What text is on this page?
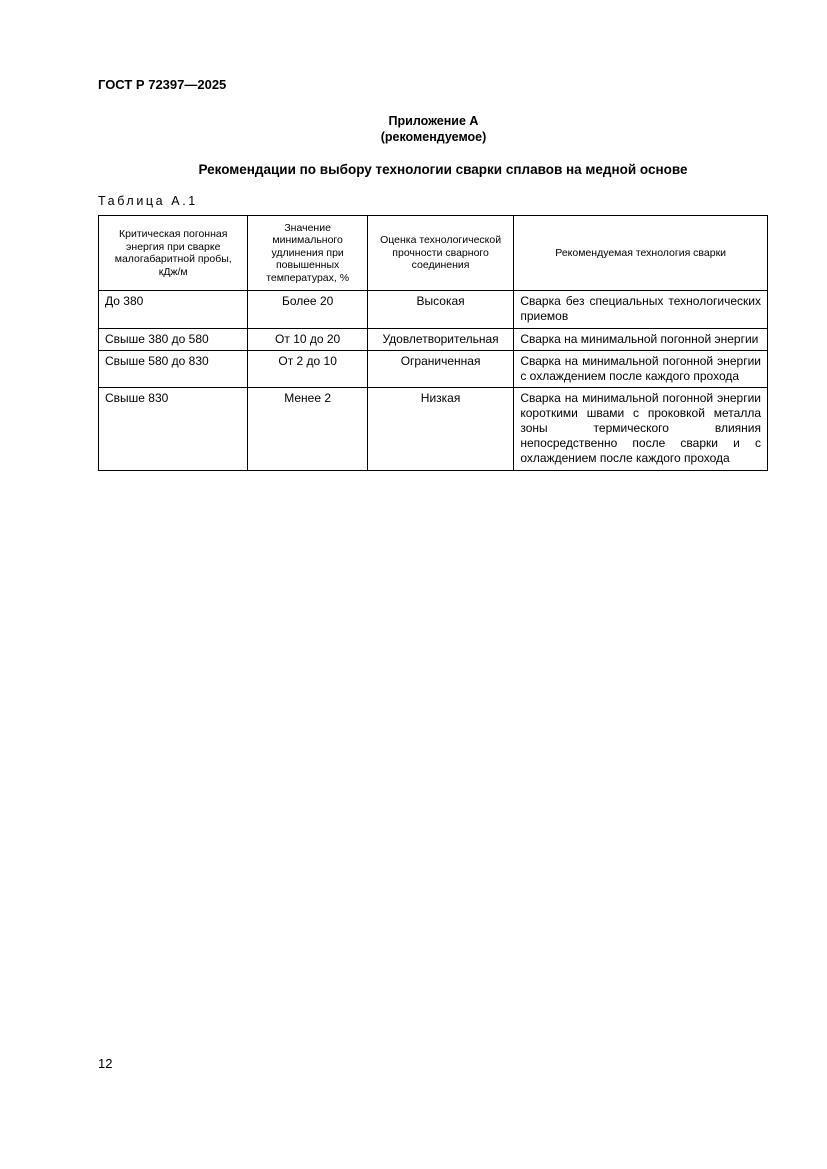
ГОСТ Р 72397—2025
Приложение А
(рекомендуемое)
Рекомендации по выбору технологии сварки сплавов на медной основе
Таблица А.1
Критическая погонная энергия при сварке малогабаритной пробы, кДж/м	Значение минимального удлинения при повышенных температурах, %	Оценка технологической прочности сварного соединения	Рекомендуемая технология сварки
До 380	Более 20	Высокая	Сварка без специальных технологических приемов
Свыше 380 до 580	От 10 до 20	Удовлетворительная	Сварка на минимальной погонной энергии
Свыше 580 до 830	От 2 до 10	Ограниченная	Сварка на минимальной погонной энергии с охлаждением после каждого прохода
Свыше 830	Менее 2	Низкая	Сварка на минимальной погонной энергии короткими швами с проковкой металла зоны термического влияния непосредственно после сварки и с охлаждением после каждого прохода
12
